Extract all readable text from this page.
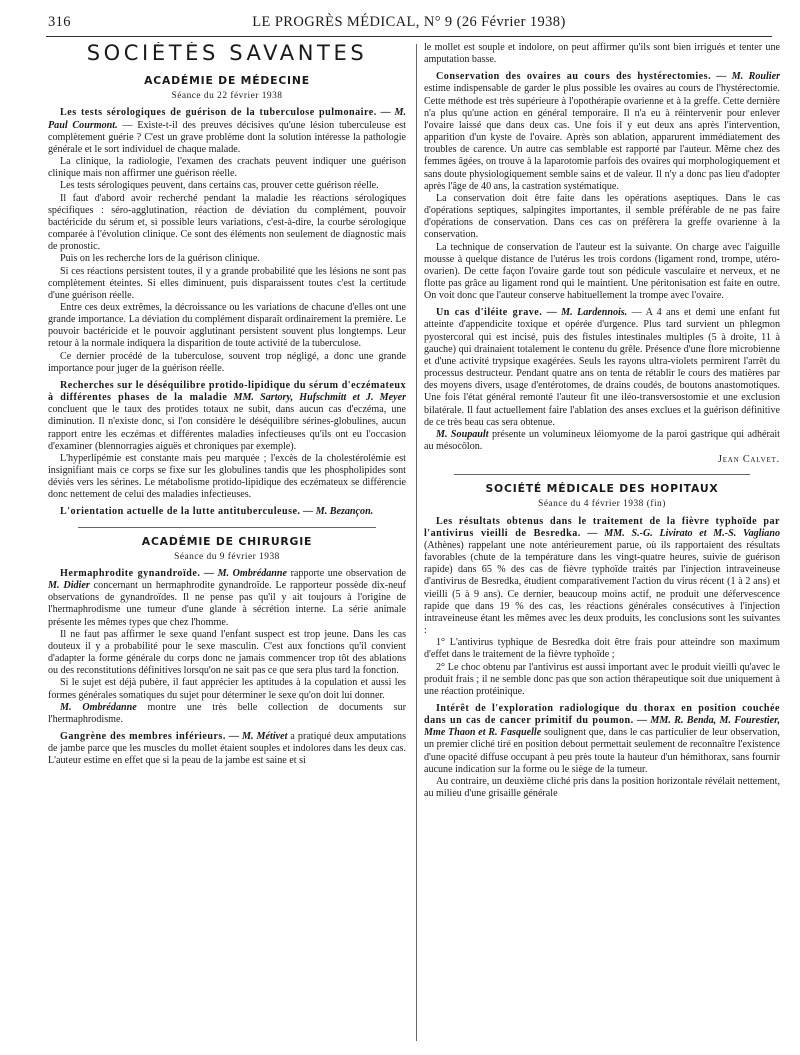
316	LE PROGRÈS MÉDICAL, N° 9 (26 Février 1938)
SOCIÉTÉS SAVANTES
ACADÉMIE DE MÉDECINE
Séance du 22 février 1938

Les tests sérologiques de guérison de la tuberculose pulmonaire. — M. Paul Courmont. — Existe-t-il des preuves décisives qu'une lésion tuberculeuse est complètement guérie ? C'est un grave problème dont la solution intéresse la pathologie générale et le sort individuel de chaque malade.

La clinique, la radiologie, l'examen des crachats peuvent indiquer une guérison clinique mais non affirmer une guérison réelle.

Les tests sérologiques peuvent, dans certains cas, prouver cette guérison réelle.

Il faut d'abord avoir recherché pendant la maladie les réactions sérologiques spécifiques : séro-agglutination, réaction de déviation du complément, pouvoir bactéricide du sérum et, si possible leurs variations, c'est-à-dire, la courbe sérologique comparée à l'évolution clinique. Ce sont des éléments non seulement de diagnostic mais de pronostic.

Puis on les recherche lors de la guérison clinique.

Si ces réactions persistent toutes, il y a grande probabilité que les lésions ne sont pas complètement éteintes. Si elles diminuent, puis disparaissent toutes c'est la certitude d'une guérison réelle.

Entre ces deux extrêmes, la décroissance ou les variations de chacune d'elles ont une grande importance. La déviation du complément disparaît ordinairement la première. Le pouvoir bactéricide et le pouvoir agglutinant persistent souvent plus longtemps. Leur retour à la normale indiquera la disparition de toute activité de la tuberculose.

Ce dernier procédé de la tuberculose, souvent trop négligé, a donc une grande importance pour juger de la guérison réelle.

Recherches sur le déséquilibre protido-lipidique du sérum d'eczémateux à différentes phases de la maladie MM. Sartory, Hufschmitt et J. Meyer concluent que le taux des protides totaux ne subit, dans aucun cas d'eczéma, une diminution. Il n'existe donc, si l'on considère le déséquilibre sérines-globulines, aucun rapport entre les eczémas et différentes maladies infectieuses qu'ils ont eu l'occasion d'examiner (blennorragies aiguës et chroniques par exemple).

L'hyperlipémie est constante mais peu marquée ; l'excès de la cholestérolémie est insignifiant mais ce corps se fixe sur les globulines tandis que les phospholipides sont déviés vers les sérines. Le métabolisme protido-lipidique des eczémateux se différencie donc nettement de celui des maladies infectieuses.

L'orientation actuelle de la lutte antituberculeuse. — M. Bezançon.

ACADÉMIE DE CHIRURGIE
Séance du 9 février 1938

Hermaphrodite gynandroïde. — M. Ombrédanne rapporte une observation de M. Didier concernant un hermaphrodite gynandroïde. Le rapporteur possède dix-neuf observations de gynandroïdes. Il ne pense pas qu'il y ait toujours à l'origine de l'hermaphrodisme une tumeur d'une glande à sécrétion interne. La série animale présente les mêmes types que chez l'homme.

Il ne faut pas affirmer le sexe quand l'enfant suspect est trop jeune. Dans les cas douteux il y a probabilité pour le sexe masculin. C'est aux fonctions qu'il convient d'adapter la forme générale du corps donc ne jamais commencer trop tôt des ablations ou des reconstitutions définitives lorsqu'on ne sait pas ce que sera plus tard la fonction.

Si le sujet est déjà pubère, il faut apprécier les aptitudes à la copulation et aussi les formes générales somatiques du sujet pour déterminer le sexe qu'on doit lui donner.

M. Ombrédanne montre une très belle collection de documents sur l'hermaphrodisme.

Gangrène des membres inférieurs. — M. Métivet a pratiqué deux amputations de jambe parce que les muscles du mollet étaient souples et indolores dans les deux cas. L'auteur estime en effet que si la peau de la jambe est saine et si

le mollet est souple et indolore, on peut affirmer qu'ils sont bien irrigués et tenter une amputation basse.

Conservation des ovaires au cours des hystérectomies. — M. Roulier estime indispensable de garder le plus possible les ovaires au cours de l'hystérectomie. Cette méthode est très supérieure à l'opothérapie ovarienne et à la greffe. Cette dernière n'a plus qu'une action en général temporaire. Il n'a eu à réintervenir pour enlever l'ovaire laissé que dans deux cas. Une fois il y eut deux ans après l'intervention, apparition d'un kyste de l'ovaire. Après son ablation, apparurent immédiatement des troubles de carence. Un autre cas semblable est rapporté par l'auteur. Même chez des femmes âgées, on trouve à la laparotomie parfois des ovaires qui morphologiquement et sans doute physiologiquement semble sains et de valeur. Il n'y a donc pas lieu d'adopter après l'âge de 40 ans, la castration systématique.

La conservation doit être faite dans les opérations aseptiques. Dans le cas d'opérations septiques, salpingites importantes, il semble préférable de ne pas faire d'opérations de conservation. Dans ces cas on préfèrera la greffe ovarienne à la conservation.

La technique de conservation de l'auteur est la suivante. On charge avec l'aiguille mousse à quelque distance de l'utérus les trois cordons (ligament rond, trompe, utéro-ovarien). De cette façon l'ovaire garde tout son pédicule vasculaire et nerveux, et ne flotte pas grâce au ligament rond qui le maintient. Une péritonisation est faite en outre. On voit donc que l'auteur conserve habituellement la trompe avec l'ovaire.

Un cas d'iléite grave. — M. Lardennois. — A 4 ans et demi une enfant fut atteinte d'appendicite toxique et opérée d'urgence. Plus tard survient un phlegmon pyostercoral qui est incisé, puis des fistules intestinales multiples (5 à droite, 11 à gauche) qui drainaient totalement le contenu du grêle. Présence d'une flore microbienne et d'une activité trypsique exagérées. Seuls les rayons ultra-violets permirent l'arrêt du processus destructeur. Pendant quatre ans on tenta de rétablir le cours des matières par des moyens divers, usage d'entérotomes, de drains coudés, de boutons anastomotiques. Une fois l'état général remonté l'auteur fit une iléo-transversostomie et une exclusion bilatérale. Il faut actuellement faire l'ablation des anses exclues et la guérison définitive de ce très beau cas sera obtenue.

M. Soupault présente un volumineux léiomyome de la paroi gastrique qui adhérait au mésocôlon.

Jean Calvet.
SOCIÉTÉ MÉDICALE DES HOPITAUX
Séance du 4 février 1938 (fin)

Les résultats obtenus dans le traitement de la fièvre typhoïde par l'antivirus vieilli de Besredka. — MM. S.-G. Livirato et M.-S. Vagliano (Athènes) rappelant une note antérieurement parue, où ils rapportaient des résultats favorables (chute de la température dans les vingt-quatre heures, suivie de guérison rapide) dans 65 % des cas de fièvre typhoïde traités par l'injection intraveineuse d'antivirus de Besredka, étudient comparativement l'action du virus récent (1 à 2 ans) et vieilli (5 à 9 ans). Ce dernier, beaucoup moins actif, ne produit une défervescence rapide que dans 19 % des cas, les réactions générales consécutives à l'injection intraveineuse étant les mêmes avec les deux produits, les conclusions sont les suivantes :

1° L'antivirus typhique de Besredka doit être frais pour atteindre son maximum d'effet dans le traitement de la fièvre typhoïde ;

2° Le choc obtenu par l'antivirus est aussi important avec le produit vieilli qu'avec le produit frais ; il ne semble donc pas que son action thérapeutique soit due uniquement à une réaction protéinique.

Intérêt de l'exploration radiologique du thorax en position couchée dans un cas de cancer primitif du poumon. — MM. R. Benda, M. Fourestier, Mme Thaon et R. Fasquelle soulignent que, dans le cas particulier de leur observation, un premier cliché tiré en position debout permettait seulement de reconnaître l'existence d'une opacité diffuse occupant à peu près toute la hauteur d'un hémithorax, sans fournir aucune indication sur la forme ou le siège de la tumeur.

Au contraire, un deuxième cliché pris dans la position horizontale révélait nettement, au milieu d'une grisaille générale
